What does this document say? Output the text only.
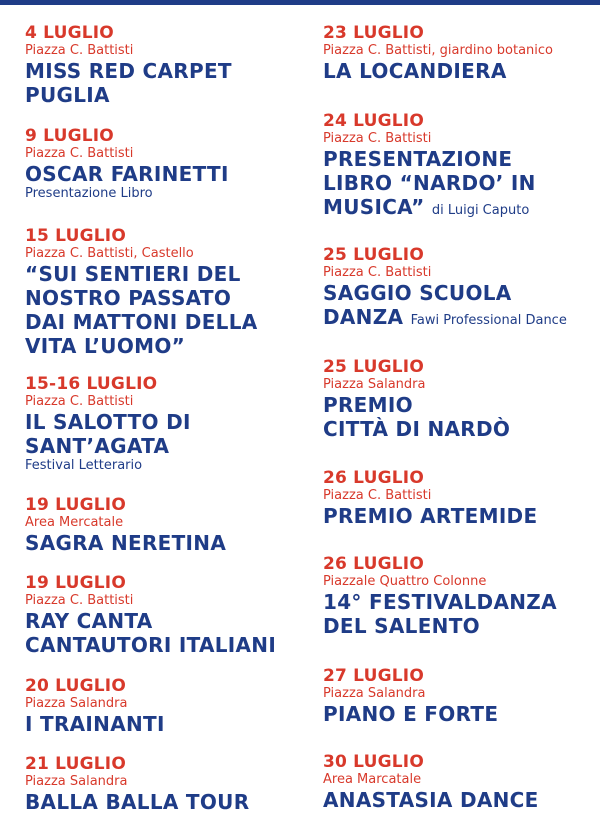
4 LUGLIO
Piazza C. Battisti
MISS RED CARPET
PUGLIA
9 LUGLIO
Piazza C. Battisti
OSCAR FARINETTI
Presentazione Libro
15 LUGLIO
Piazza C. Battisti, Castello
“SUI SENTIERI DEL
NOSTRO PASSATO
DAI MATTONI DELLA
VITA L’UOMO”
15-16 LUGLIO
Piazza C. Battisti
IL SALOTTO DI
SANT’AGATA
Festival Letterario
19 LUGLIO
Area Mercatale
SAGRA NERETINA
19 LUGLIO
Piazza C. Battisti
RAY CANTA
CANTAUTORI ITALIANI
20 LUGLIO
Piazza Salandra
I TRAINANTI
21 LUGLIO
Piazza Salandra
BALLA BALLA TOUR
23 LUGLIO
Piazza C. Battisti, giardino botanico
LA LOCANDIERA
24 LUGLIO
Piazza C. Battisti
PRESENTAZIONE
LIBRO “NARDO’ IN
MUSICA” di Luigi Caputo
25 LUGLIO
Piazza C. Battisti
SAGGIO SCUOLA
DANZA Fawi Professional Dance
25 LUGLIO
Piazza Salandra
PREMIO
CITTÀ DI NARDÒ
26 LUGLIO
Piazza C. Battisti
PREMIO ARTEMIDE
26 LUGLIO
Piazzale Quattro Colonne
14° FESTIVALDANZA
DEL SALENTO
27 LUGLIO
Piazza Salandra
PIANO E FORTE
30 LUGLIO
Area Marcatale
ANASTASIA DANCE
